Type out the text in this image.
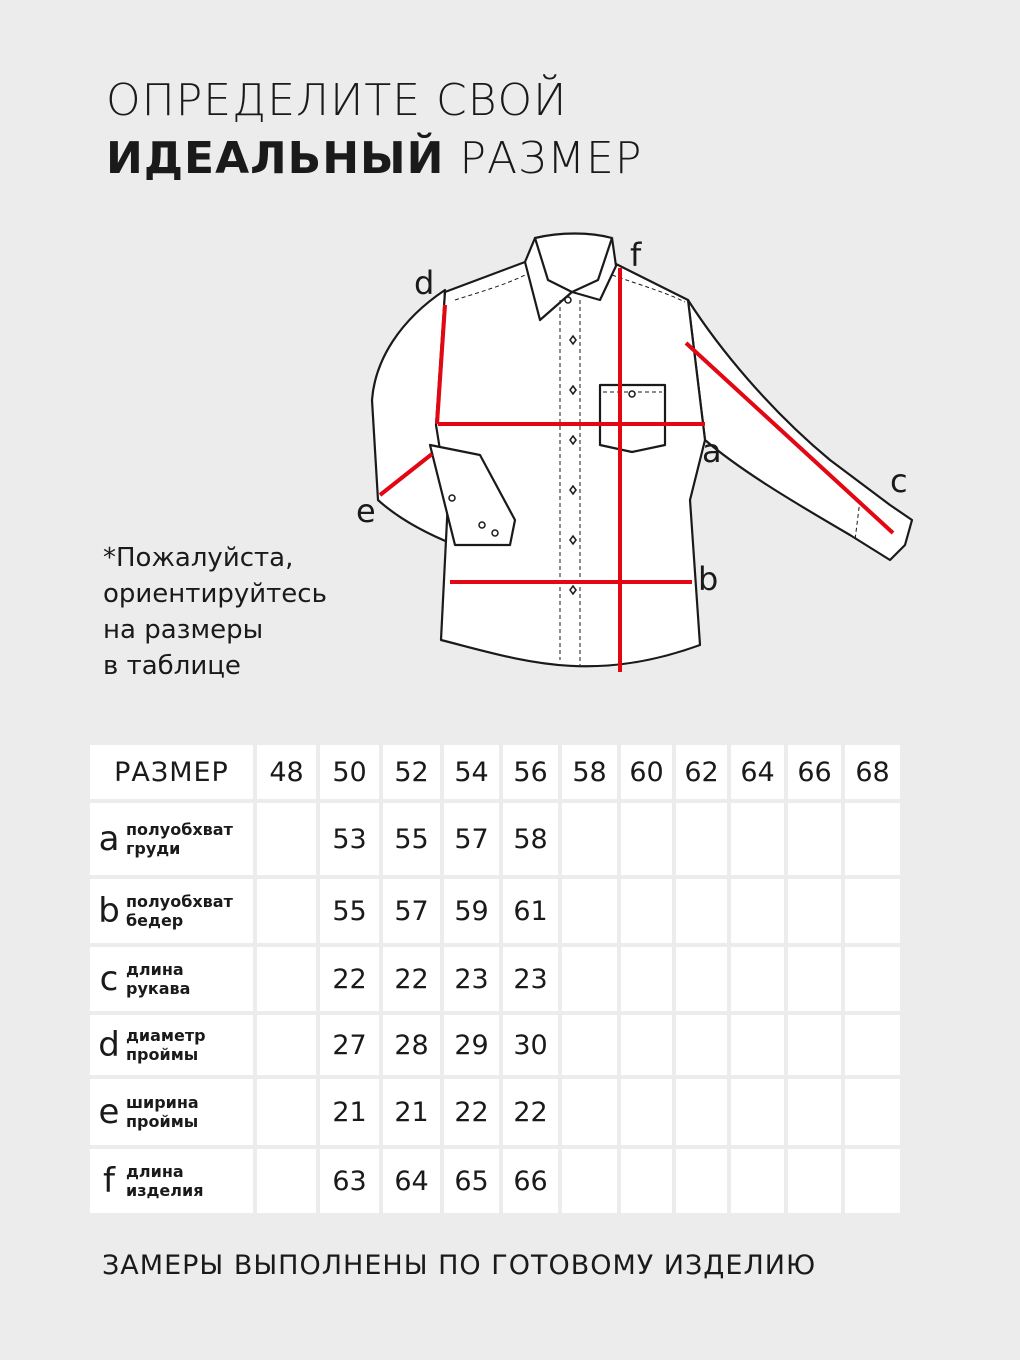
ОПРЕДЕЛИТЕ СВОЙ
ИДЕАЛЬНЫЙ РАЗМЕР
*Пожалуйста,
ориентируйтесь
на размеры
в таблице
a
b
c
d
e
f
РАЗМЕР	48	50	52	54	56	58	60	62	64	66	68

a полуобхват
груди		53	55	57	58						

b полуобхват
бедер		55	57	59	61						

c длина
рукава		22	22	23	23						

d диаметр
проймы		27	28	29	30						

e ширина
проймы		21	21	22	22						

f длина
изделия		63	64	65	66						
ЗАМЕРЫ ВЫПОЛНЕНЫ ПО ГОТОВОМУ ИЗДЕЛИЮ
